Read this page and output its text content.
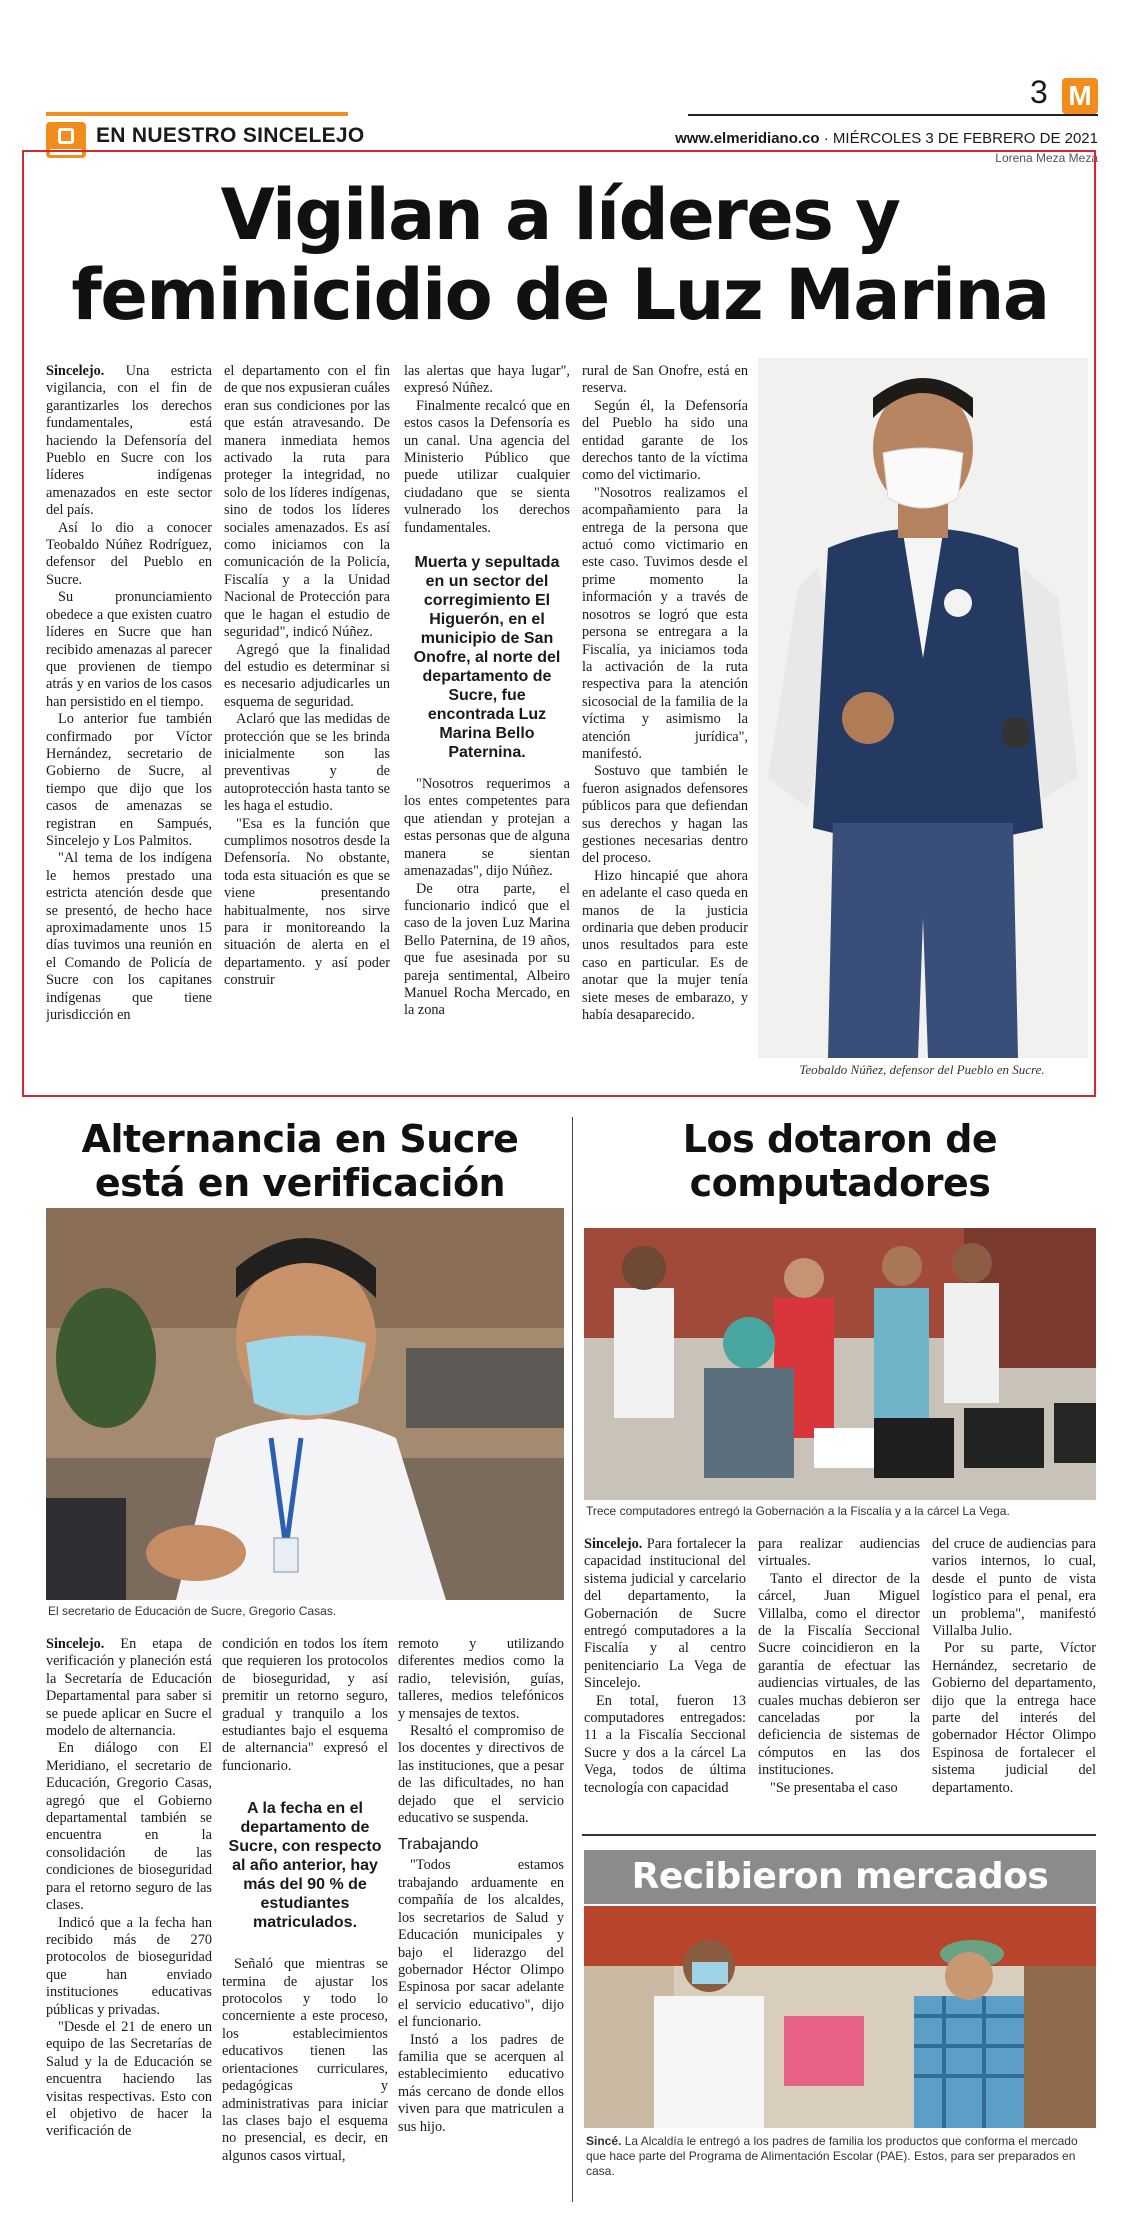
EN NUESTRO SINCELEJO
3 M
www.elmeridiano.co · MIÉRCOLES 3 DE FEBRERO DE 2021
Lorena Meza Meza
Vigilan a líderes y
feminicidio de Luz Marina

Sincelejo. Una estricta vigilancia, con el fin de garantizarles los derechos fundamentales, está haciendo la Defensoría del Pueblo en Sucre con los líderes indígenas amenazados en este sector del país.

Así lo dio a conocer Teobaldo Núñez Rodríguez, defensor del Pueblo en Sucre.

Su pronunciamiento obedece a que existen cuatro líderes en Sucre que han recibido amenazas al parecer que provienen de tiempo atrás y en varios de los casos han persistido en el tiempo.

Lo anterior fue también confirmado por Víctor Hernández, secretario de Gobierno de Sucre, al tiempo que dijo que los casos de amenazas se registran en Sampués, Sincelejo y Los Palmitos.

"Al tema de los indígena le hemos prestado una estricta atención desde que se presentó, de hecho hace aproximadamente unos 15 días tuvimos una reunión en el Comando de Policía de Sucre con los capitanes indígenas que tiene jurisdicción en

el departamento con el fin de que nos expusieran cuáles eran sus condiciones por las que están atravesando. De manera inmediata hemos activado la ruta para proteger la integridad, no solo de los líderes indígenas, sino de todos los líderes sociales amenazados. Es así como iniciamos con la comunicación de la Policía, Fiscalía y a la Unidad Nacional de Protección para que le hagan el estudio de seguridad", indicó Núñez.

Agregó que la finalidad del estudio es determinar si es necesario adjudicarles un esquema de seguridad.

Aclaró que las medidas de protección que se les brinda inicialmente son las preventivas y de autoprotección hasta tanto se les haga el estudio.

"Esa es la función que cumplimos nosotros desde la Defensoría. No obstante, toda esta situación es que se viene presentando habitualmente, nos sirve para ir monitoreando la situación de alerta en el departamento. y así poder construir

las alertas que haya lugar", expresó Núñez.

Finalmente recalcó que en estos casos la Defensoría es un canal. Una agencia del Ministerio Público que puede utilizar cualquier ciudadano que se sienta vulnerado los derechos fundamentales.

Muerta y sepultada en un sector del corregimiento El Higuerón, en el municipio de San Onofre, al norte del departamento de Sucre, fue encontrada Luz Marina Bello Paternina.

"Nosotros requerimos a los entes competentes para que atiendan y protejan a estas personas que de alguna manera se sientan amenazadas", dijo Núñez.

De otra parte, el funcionario indicó que el caso de la joven Luz Marina Bello Paternina, de 19 años, que fue asesinada por su pareja sentimental, Albeiro Manuel Rocha Mercado, en la zona

rural de San Onofre, está en reserva.

Según él, la Defensoría del Pueblo ha sido una entidad garante de los derechos tanto de la víctima como del victimario.

"Nosotros realizamos el acompañamiento para la entrega de la persona que actuó como victimario en este caso. Tuvimos desde el prime momento la información y a través de nosotros se logró que esta persona se entregara a la Fiscalía, ya iniciamos toda la activación de la ruta respectiva para la atención sicosocial de la familia de la víctima y asimismo la atención jurídica", manifestó.

Sostuvo que también le fueron asignados defensores públicos para que defiendan sus derechos y hagan las gestiones necesarias dentro del proceso.

Hizo hincapié que ahora en adelante el caso queda en manos de la justicia ordinaria que deben producir unos resultados para este caso en particular. Es de anotar que la mujer tenía siete meses de embarazo, y había desaparecido.

Teobaldo Núñez, defensor del Pueblo en Sucre.
Alternancia en Sucre
está en verificación
El secretario de Educación de Sucre, Gregorio Casas.

Sincelejo. En etapa de verificación y planeción está la Secretaría de Educación Departamental para saber si se puede aplicar en Sucre el modelo de alternancia.

En diálogo con El Meridiano, el secretario de Educación, Gregorio Casas, agregó que el Gobierno departamental también se encuentra en la consolidación de las condiciones de bioseguridad para el retorno seguro de las clases.

Indicó que a la fecha han recibido más de 270 protocolos de bioseguridad que han enviado instituciones educativas públicas y privadas.

"Desde el 21 de enero un equipo de las Secretarías de Salud y la de Educación se encuentra haciendo las visitas respectivas. Esto con el objetivo de hacer la verificación de

condición en todos los ítem que requieren los protocolos de bioseguridad, y así premitir un retorno seguro, gradual y tranquilo a los estudiantes bajo el esquema de alternancia" expresó el funcionario.

A la fecha en el departamento de Sucre, con respecto al año anterior, hay más del 90 % de estudiantes matriculados.

Señaló que mientras se termina de ajustar los protocolos y todo lo concerniente a este proceso, los establecimientos educativos tienen las orientaciones curriculares, pedagógicas y administrativas para iniciar las clases bajo el esquema no presencial, es decir, en algunos casos virtual,

remoto y utilizando diferentes medios como la radio, televisión, guías, talleres, medios telefónicos y mensajes de textos.

Resaltó el compromiso de los docentes y directivos de las instituciones, que a pesar de las dificultades, no han dejado que el servicio educativo se suspenda.

Trabajando

"Todos estamos trabajando arduamente en compañía de los alcaldes, los secretarios de Salud y Educación municipales y bajo el liderazgo del gobernador Héctor Olimpo Espinosa por sacar adelante el servicio educativo", dijo el funcionario.

Instó a los padres de familia que se acerquen al establecimiento educativo más cercano de donde ellos viven para que matriculen a sus hijo.

Los dotaron de
computadores
Trece computadores entregó la Gobernación a la Fiscalía y a la cárcel La Vega.

Sincelejo. Para fortalecer la capacidad institucional del sistema judicial y carcelario del departamento, la Gobernación de Sucre entregó computadores a la Fiscalía y al centro penitenciario La Vega de Sincelejo.

En total, fueron 13 computadores entregados: 11 a la Fiscalía Seccional Sucre y dos a la cárcel La Vega, todos de última tecnología con capacidad

para realizar audiencias virtuales.

Tanto el director de la cárcel, Juan Miguel Villalba, como el director de la Fiscalía Seccional Sucre coincidieron en la garantía de efectuar las audiencias virtuales, de las cuales muchas debieron ser canceladas por la deficiencia de sistemas de cómputos en las dos instituciones.

"Se presentaba el caso

del cruce de audiencias para varios internos, lo cual, desde el punto de vista logístico para el penal, era un problema", manifestó Villalba Julio.

Por su parte, Víctor Hernández, secretario de Gobierno del departamento, dijo que la entrega hace parte del interés del gobernador Héctor Olimpo Espinosa de fortalecer el sistema judicial del departamento.

Recibieron mercados
Sincé. La Alcaldía le entregó a los padres de familia los productos que conforma el mercado que hace parte del Programa de Alimentación Escolar (PAE). Estos, para ser preparados en casa.
